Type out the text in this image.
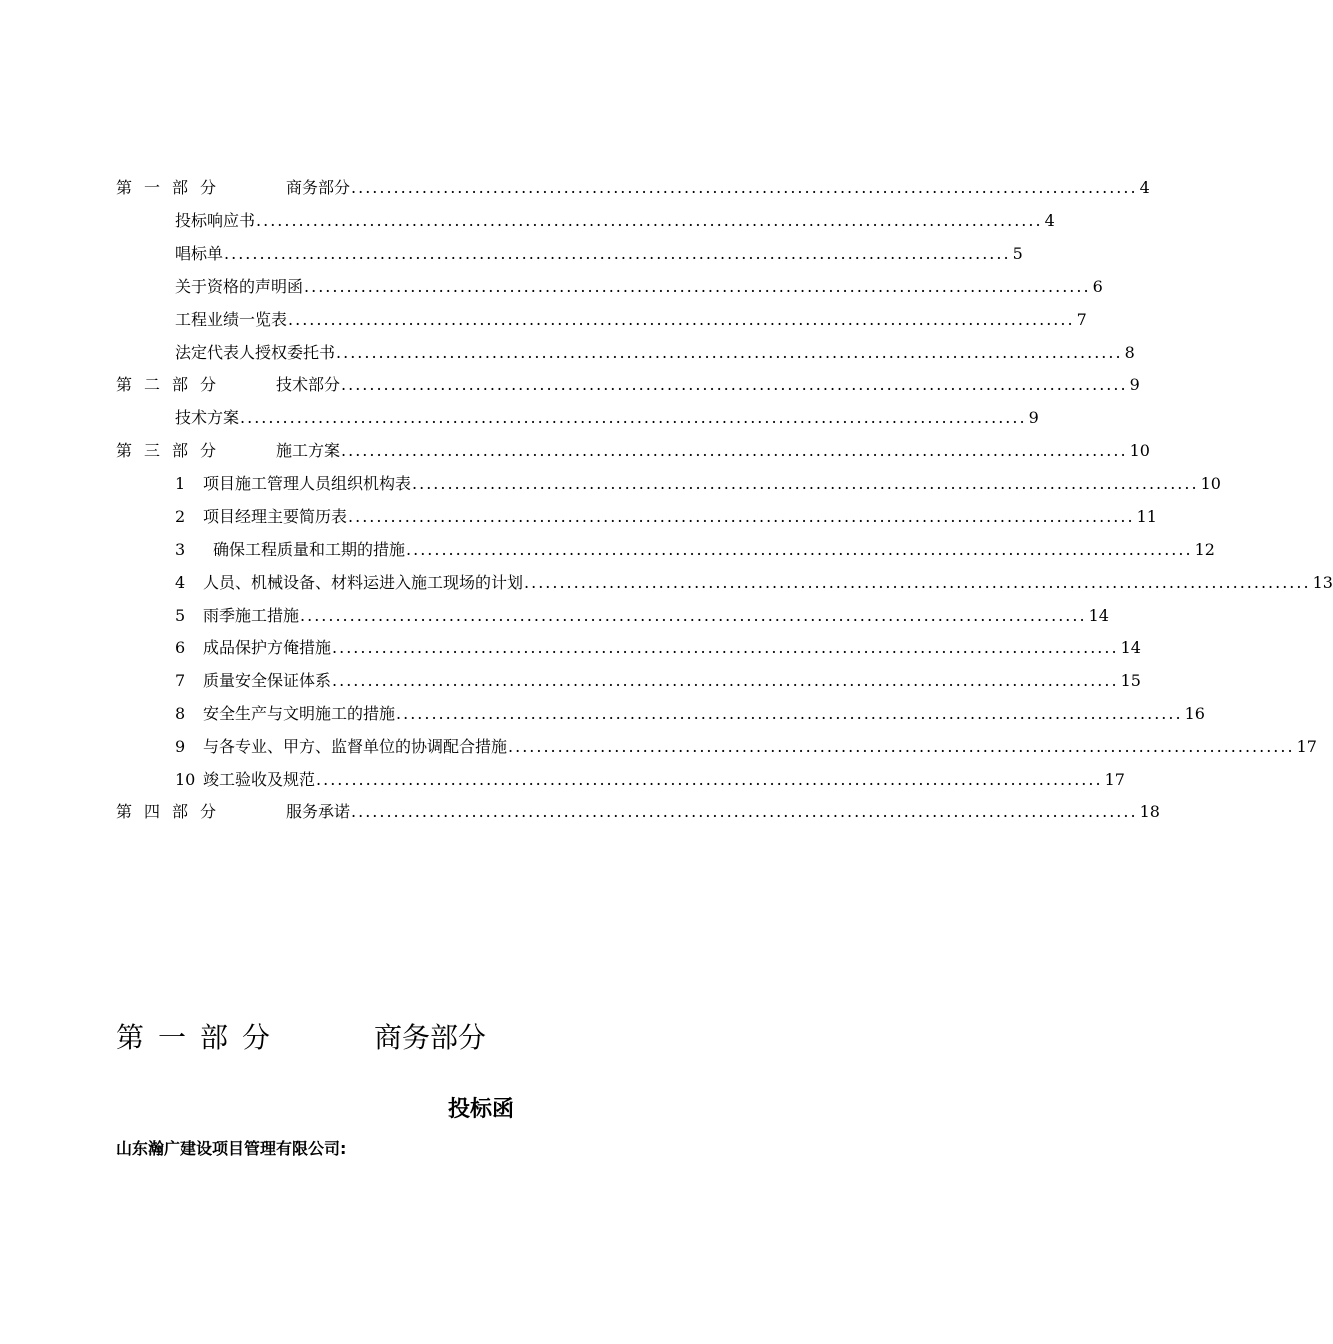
第一部分	商务部分 ............................................................................................................... 4
投标响应书 ............................................................................................................... 4
唱标单 ............................................................................................................... 5
关于资格的声明函 ............................................................................................................... 6
工程业绩一览表 ............................................................................................................... 7
法定代表人授权委托书 ............................................................................................................... 8
第二部分	技术部分 ............................................................................................................... 9
技术方案 ............................................................................................................... 9
第三部分	施工方案 ............................................................................................................... 10
1	项目施工管理人员组织机构表 ............................................................................................................... 10
2	项目经理主要简历表 ............................................................................................................... 11
3	确保工程质量和工期的措施 ............................................................................................................... 12
4	人员、机械设备、材料运进入施工现场的计划 ............................................................................................................... 13
5	雨季施工措施 ............................................................................................................... 14
6	成品保护方俺措施 ............................................................................................................... 14
7	质量安全保证体系 ............................................................................................................... 15
8	安全生产与文明施工的措施 ............................................................................................................... 16
9	与各专业、甲方、监督单位的协调配合措施 ............................................................................................................... 17
10 竣工验收及规范 ............................................................................................................... 17
第四部分	服务承诺 ............................................................................................................... 18
第一部分	商务部分
投标函
山东瀚广建设项目管理有限公司:
